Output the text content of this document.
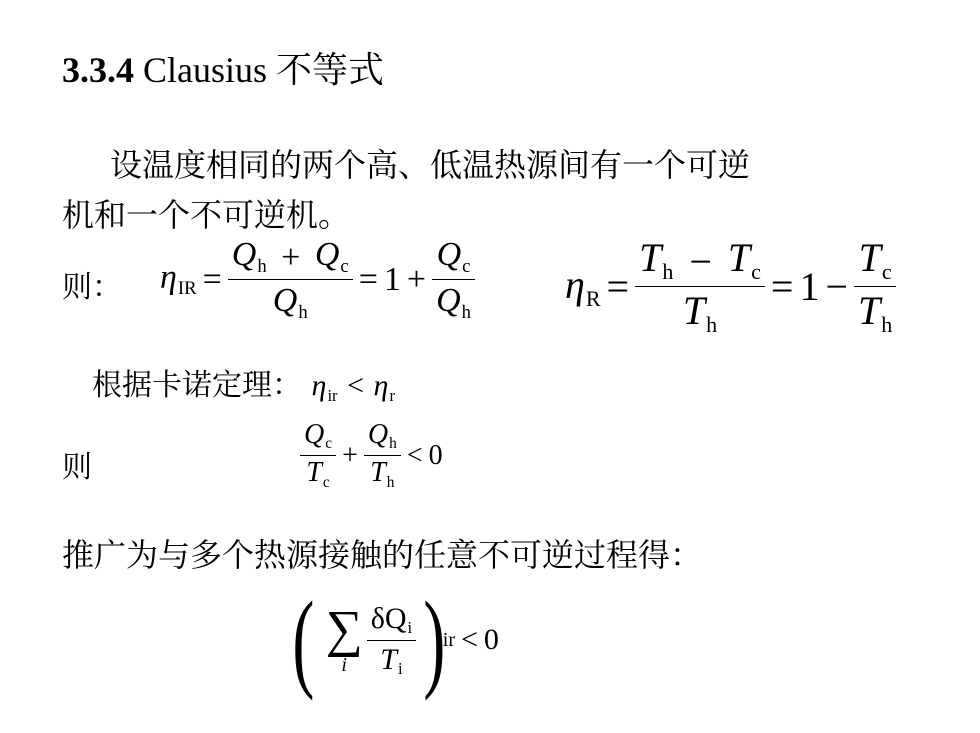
3.3.4 Clausius 不等式
设温度相同的两个高、低温热源间有一个可逆
机和一个不可逆机。
则： $\eta_{IR} = \frac{Q_h + Q_c}{Q_h} = 1 + \frac{Q_c}{Q_h} \eta_R = \frac{T_h - T_c}{T_h} = 1 - \frac{T_c}{T_h}$
根据卡诺定理： $\eta_{ir} < \eta_r$
则	$\frac{Q_c}{T_c} + \frac{Q_h}{T_h} < 0$
推广为与多个热源接触的任意不可逆过程得：
( ∑
i $\frac{\delta Q_i}{T_i}$ )
ir < 0
